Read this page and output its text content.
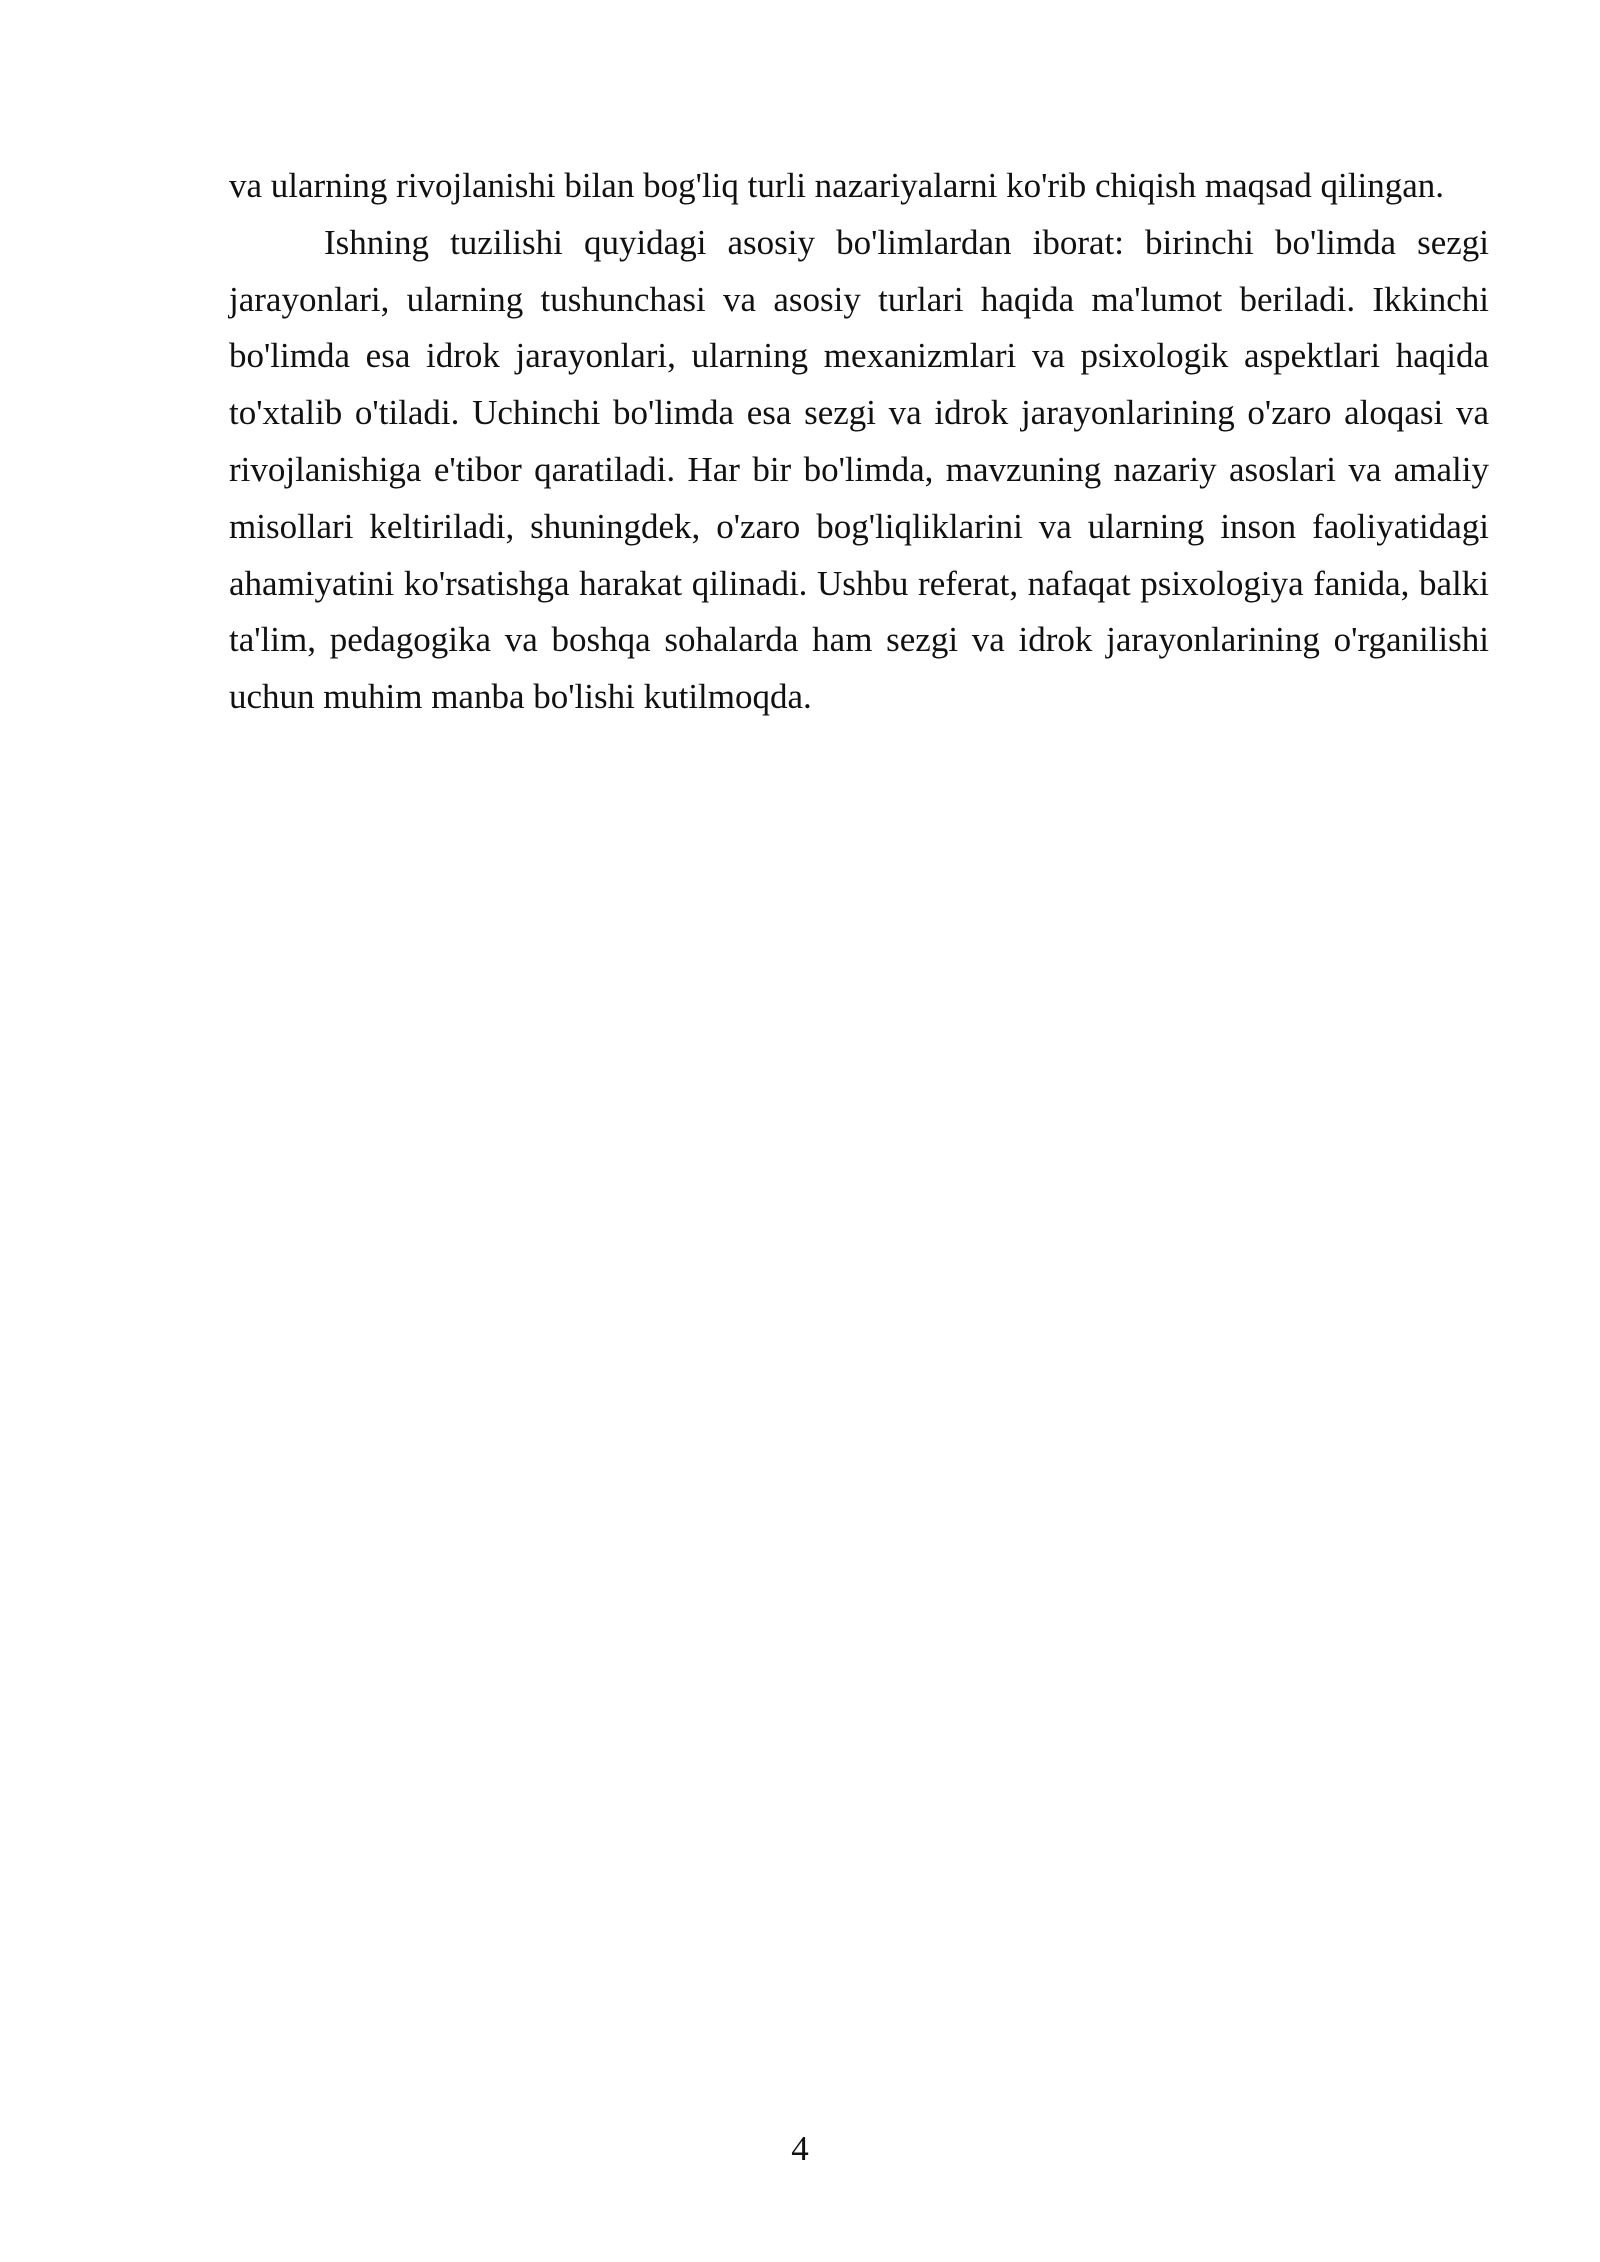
va ularning rivojlanishi bilan bog'liq turli nazariyalarni ko'rib chiqish maqsad qilingan.

Ishning tuzilishi quyidagi asosiy bo'limlardan iborat: birinchi bo'limda sezgi jarayonlari, ularning tushunchasi va asosiy turlari haqida ma'lumot beriladi. Ikkinchi bo'limda esa idrok jarayonlari, ularning mexanizmlari va psixologik aspektlari haqida to'xtalib o'tiladi. Uchinchi bo'limda esa sezgi va idrok jarayonlarining o'zaro aloqasi va rivojlanishiga e'tibor qaratiladi. Har bir bo'limda, mavzuning nazariy asoslari va amaliy misollari keltiriladi, shuningdek, o'zaro bog'liqliklarini va ularning inson faoliyatidagi ahamiyatini ko'rsatishga harakat qilinadi. Ushbu referat, nafaqat psixologiya fanida, balki ta'lim, pedagogika va boshqa sohalarda ham sezgi va idrok jarayonlarining o'rganilishi uchun muhim manba bo'lishi kutilmoqda.

4
